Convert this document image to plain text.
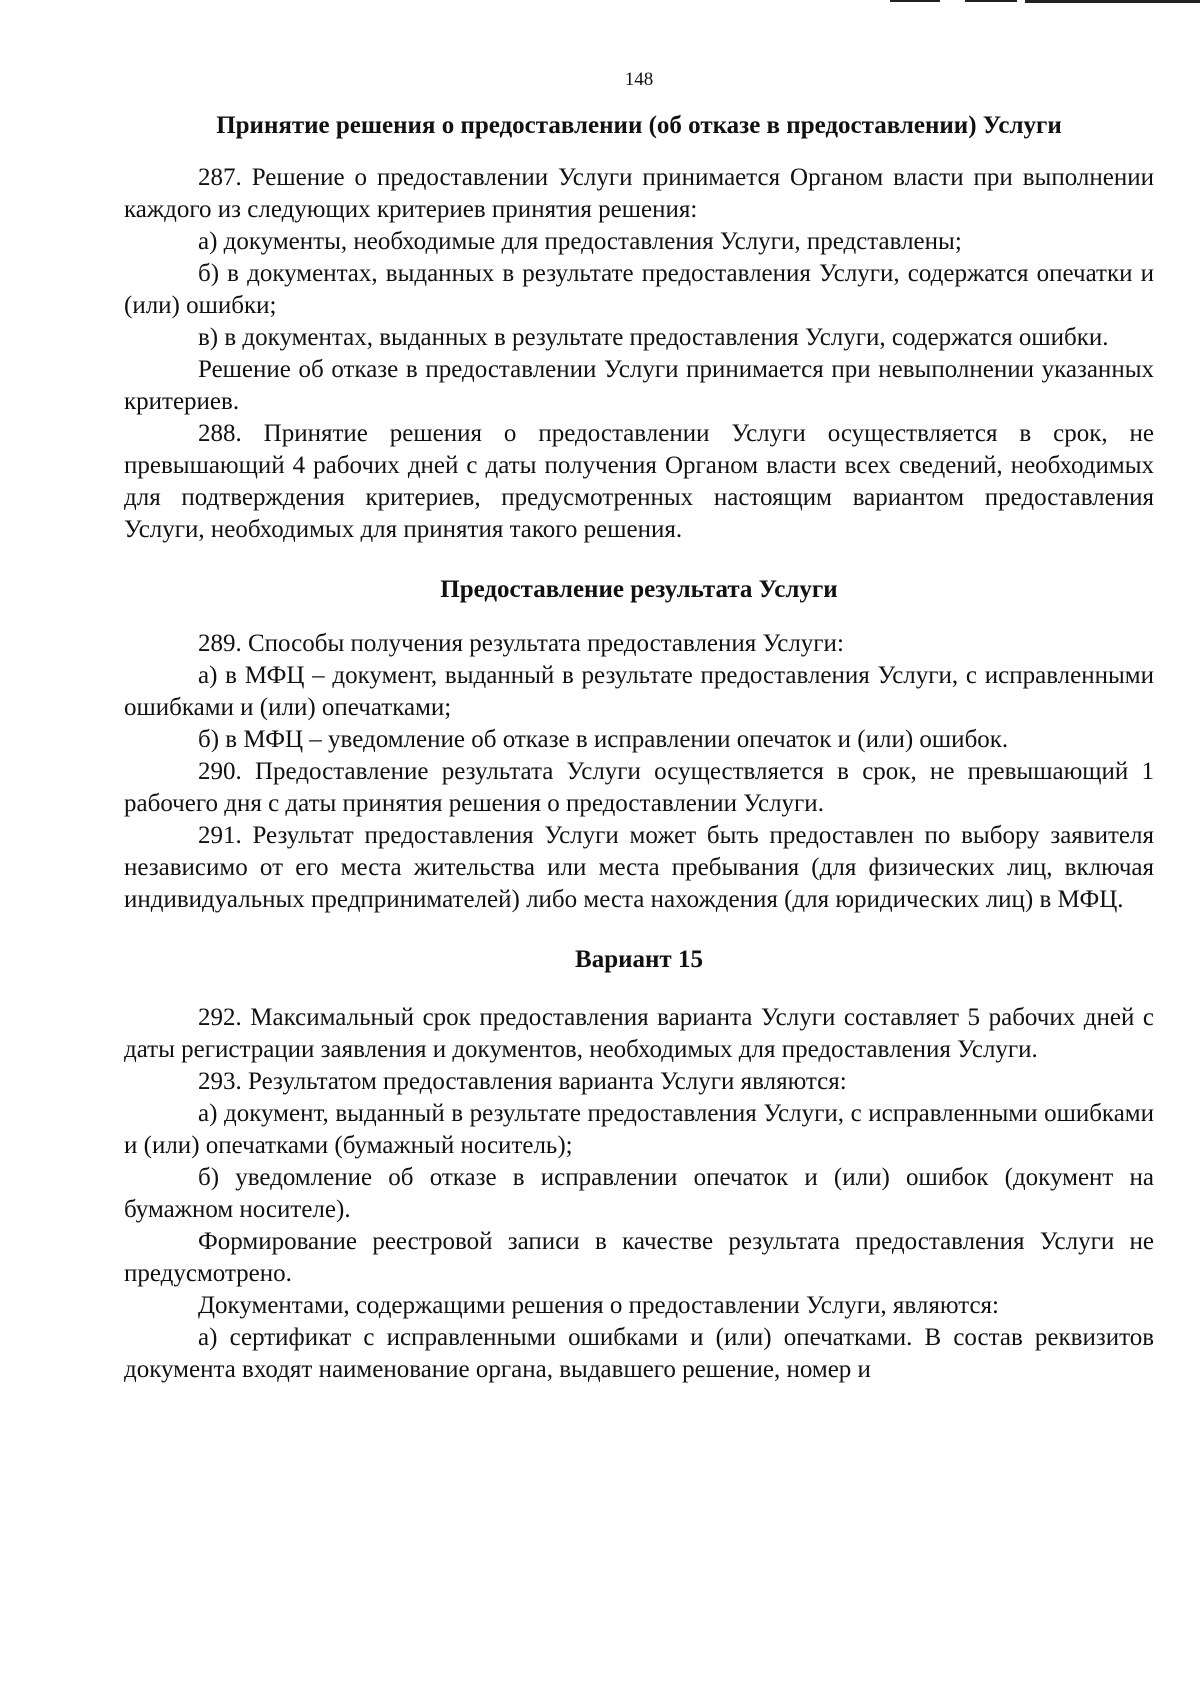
148
Принятие решения о предоставлении (об отказе в предоставлении) Услуги

287. Решение о предоставлении Услуги принимается Органом власти при выполнении каждого из следующих критериев принятия решения:

а) документы, необходимые для предоставления Услуги, представлены;

б) в документах, выданных в результате предоставления Услуги, содержатся опечатки и (или) ошибки;

в) в документах, выданных в результате предоставления Услуги, содержатся ошибки.

Решение об отказе в предоставлении Услуги принимается при невыполнении указанных критериев.

288. Принятие решения о предоставлении Услуги осуществляется в срок, не превышающий 4 рабочих дней с даты получения Органом власти всех сведений, необходимых для подтверждения критериев, предусмотренных настоящим вариантом предоставления Услуги, необходимых для принятия такого решения.

Предоставление результата Услуги

289. Способы получения результата предоставления Услуги:

а) в МФЦ – документ, выданный в результате предоставления Услуги, с исправленными ошибками и (или) опечатками;

б) в МФЦ – уведомление об отказе в исправлении опечаток и (или) ошибок.

290. Предоставление результата Услуги осуществляется в срок, не превышающий 1 рабочего дня с даты принятия решения о предоставлении Услуги.

291. Результат предоставления Услуги может быть предоставлен по выбору заявителя независимо от его места жительства или места пребывания (для физических лиц, включая индивидуальных предпринимателей) либо места нахождения (для юридических лиц) в МФЦ.

Вариант 15

292. Максимальный срок предоставления варианта Услуги составляет 5 рабочих дней с даты регистрации заявления и документов, необходимых для предоставления Услуги.

293. Результатом предоставления варианта Услуги являются:

а) документ, выданный в результате предоставления Услуги, с исправленными ошибками и (или) опечатками (бумажный носитель);

б) уведомление об отказе в исправлении опечаток и (или) ошибок (документ на бумажном носителе).

Формирование реестровой записи в качестве результата предоставления Услуги не предусмотрено.

Документами, содержащими решения о предоставлении Услуги, являются:

а) сертификат с исправленными ошибками и (или) опечатками. В состав реквизитов документа входят наименование органа, выдавшего решение, номер и
